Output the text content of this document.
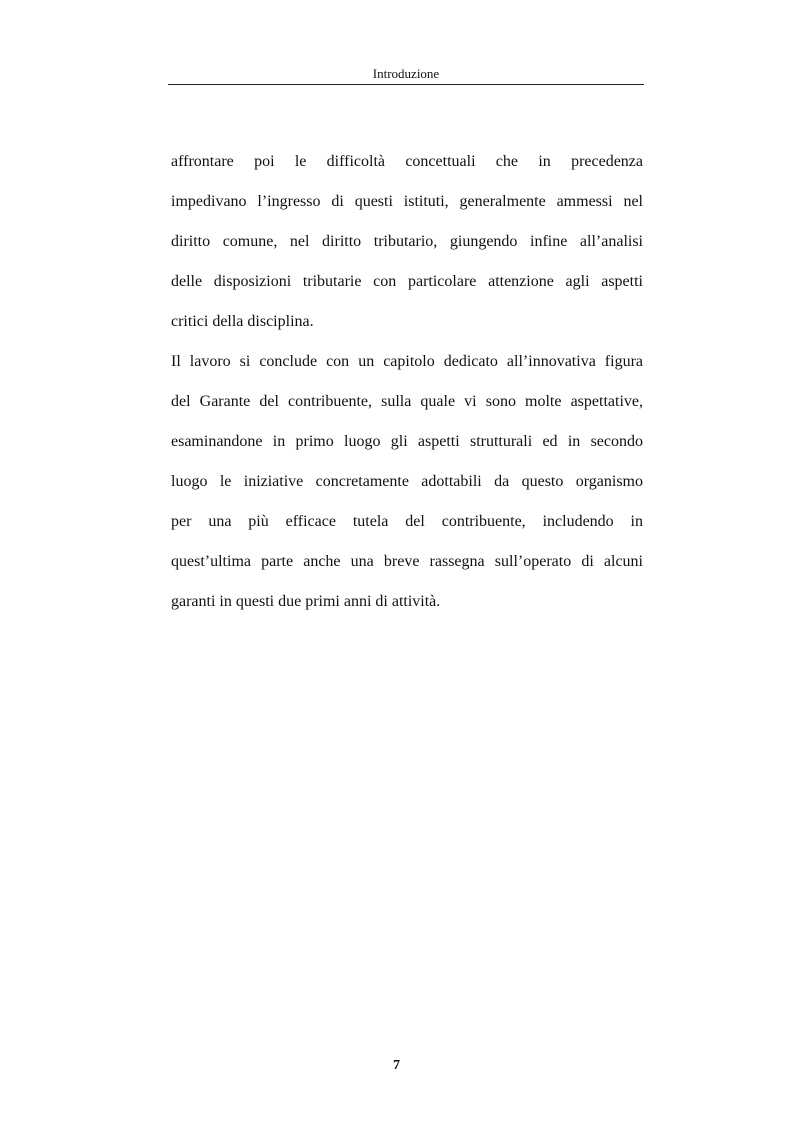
Introduzione
affrontare poi le difficoltà concettuali che in precedenza
impedivano l’ingresso di questi istituti, generalmente ammessi nel
diritto comune, nel diritto tributario, giungendo infine all’analisi
delle disposizioni tributarie con particolare attenzione agli aspetti
critici della disciplina.
Il lavoro si conclude con un capitolo dedicato all’innovativa figura
del Garante del contribuente, sulla quale vi sono molte aspettative,
esaminandone in primo luogo gli aspetti strutturali ed in secondo
luogo le iniziative concretamente adottabili da questo organismo
per una più efficace tutela del contribuente, includendo in
quest’ultima parte anche una breve rassegna sull’operato di alcuni
garanti in questi due primi anni di attività.
7
